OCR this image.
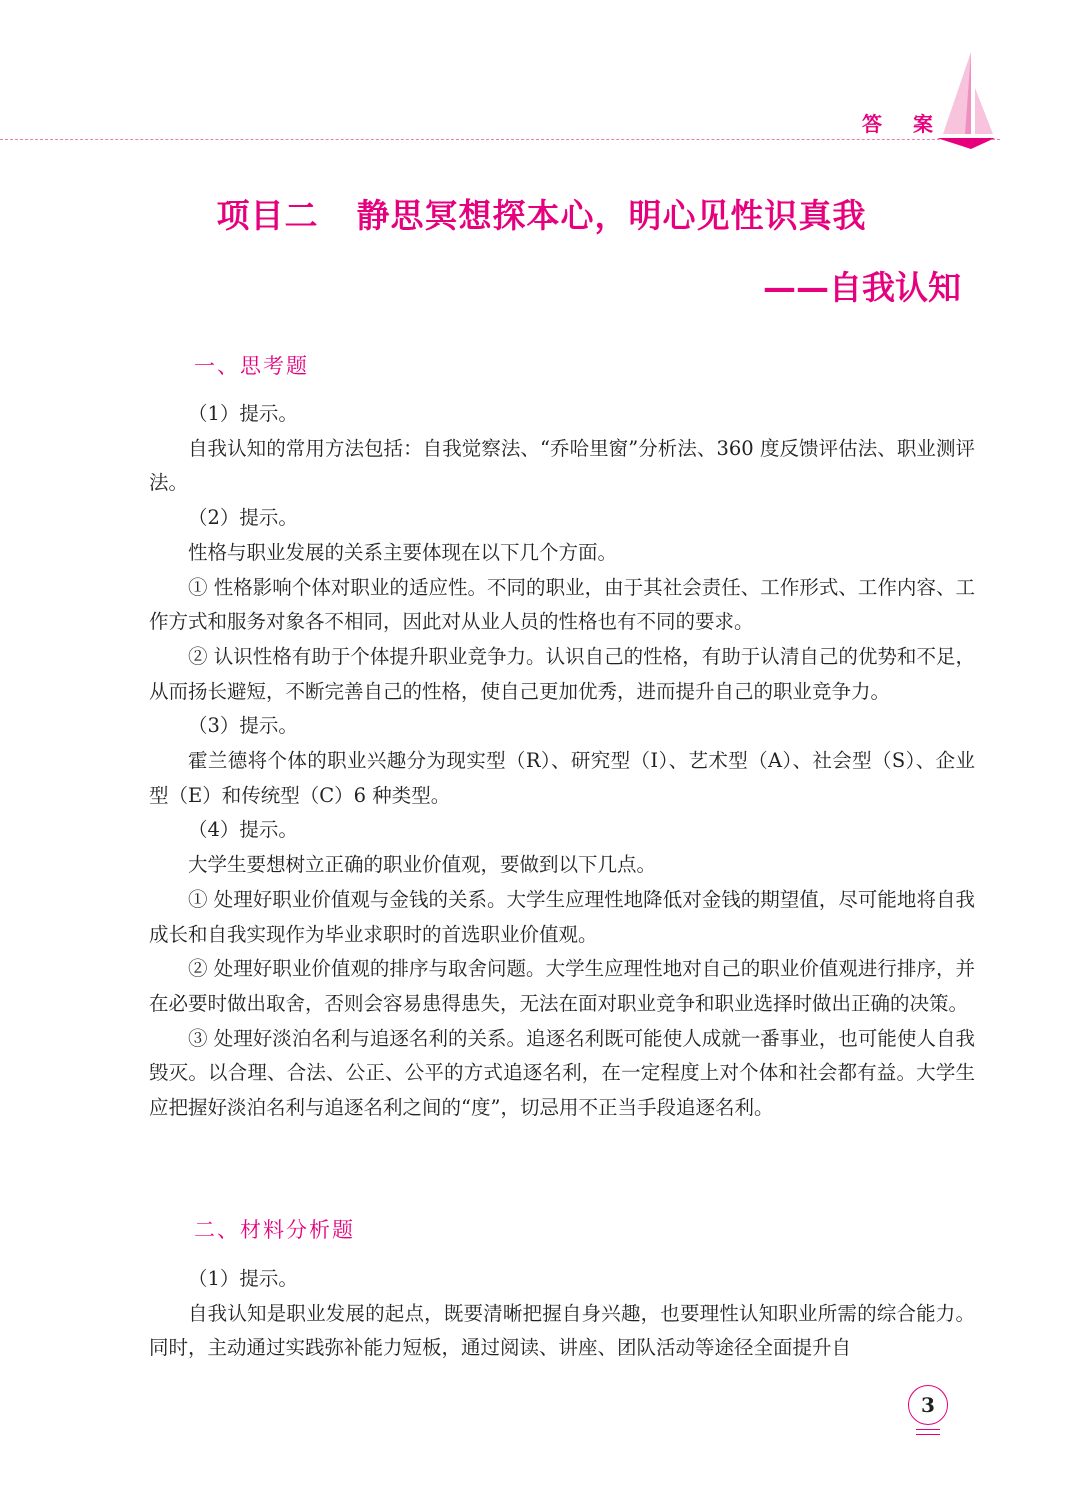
答 案
项目二 静思冥想探本心，明心见性识真我
——自我认知
一、思考题

（1）提示。

自我认知的常用方法包括：自我觉察法、“乔哈里窗”分析法、360 度反馈评估法、职业测评法。

（2）提示。

性格与职业发展的关系主要体现在以下几个方面。

① 性格影响个体对职业的适应性。不同的职业，由于其社会责任、工作形式、工作内容、工作方式和服务对象各不相同，因此对从业人员的性格也有不同的要求。

② 认识性格有助于个体提升职业竞争力。认识自己的性格，有助于认清自己的优势和不足，从而扬长避短，不断完善自己的性格，使自己更加优秀，进而提升自己的职业竞争力。

（3）提示。

霍兰德将个体的职业兴趣分为现实型（R）、研究型（I）、艺术型（A）、社会型（S）、企业型（E）和传统型（C）6 种类型。

（4）提示。

大学生要想树立正确的职业价值观，要做到以下几点。

① 处理好职业价值观与金钱的关系。大学生应理性地降低对金钱的期望值，尽可能地将自我成长和自我实现作为毕业求职时的首选职业价值观。

② 处理好职业价值观的排序与取舍问题。大学生应理性地对自己的职业价值观进行排序，并在必要时做出取舍，否则会容易患得患失，无法在面对职业竞争和职业选择时做出正确的决策。

③ 处理好淡泊名利与追逐名利的关系。追逐名利既可能使人成就一番事业，也可能使人自我毁灭。以合理、合法、公正、公平的方式追逐名利，在一定程度上对个体和社会都有益。大学生应把握好淡泊名利与追逐名利之间的“度”，切忌用不正当手段追逐名利。

二、材料分析题

（1）提示。

自我认知是职业发展的起点，既要清晰把握自身兴趣，也要理性认知职业所需的综合能力。同时，主动通过实践弥补能力短板，通过阅读、讲座、团队活动等途径全面提升自

3
